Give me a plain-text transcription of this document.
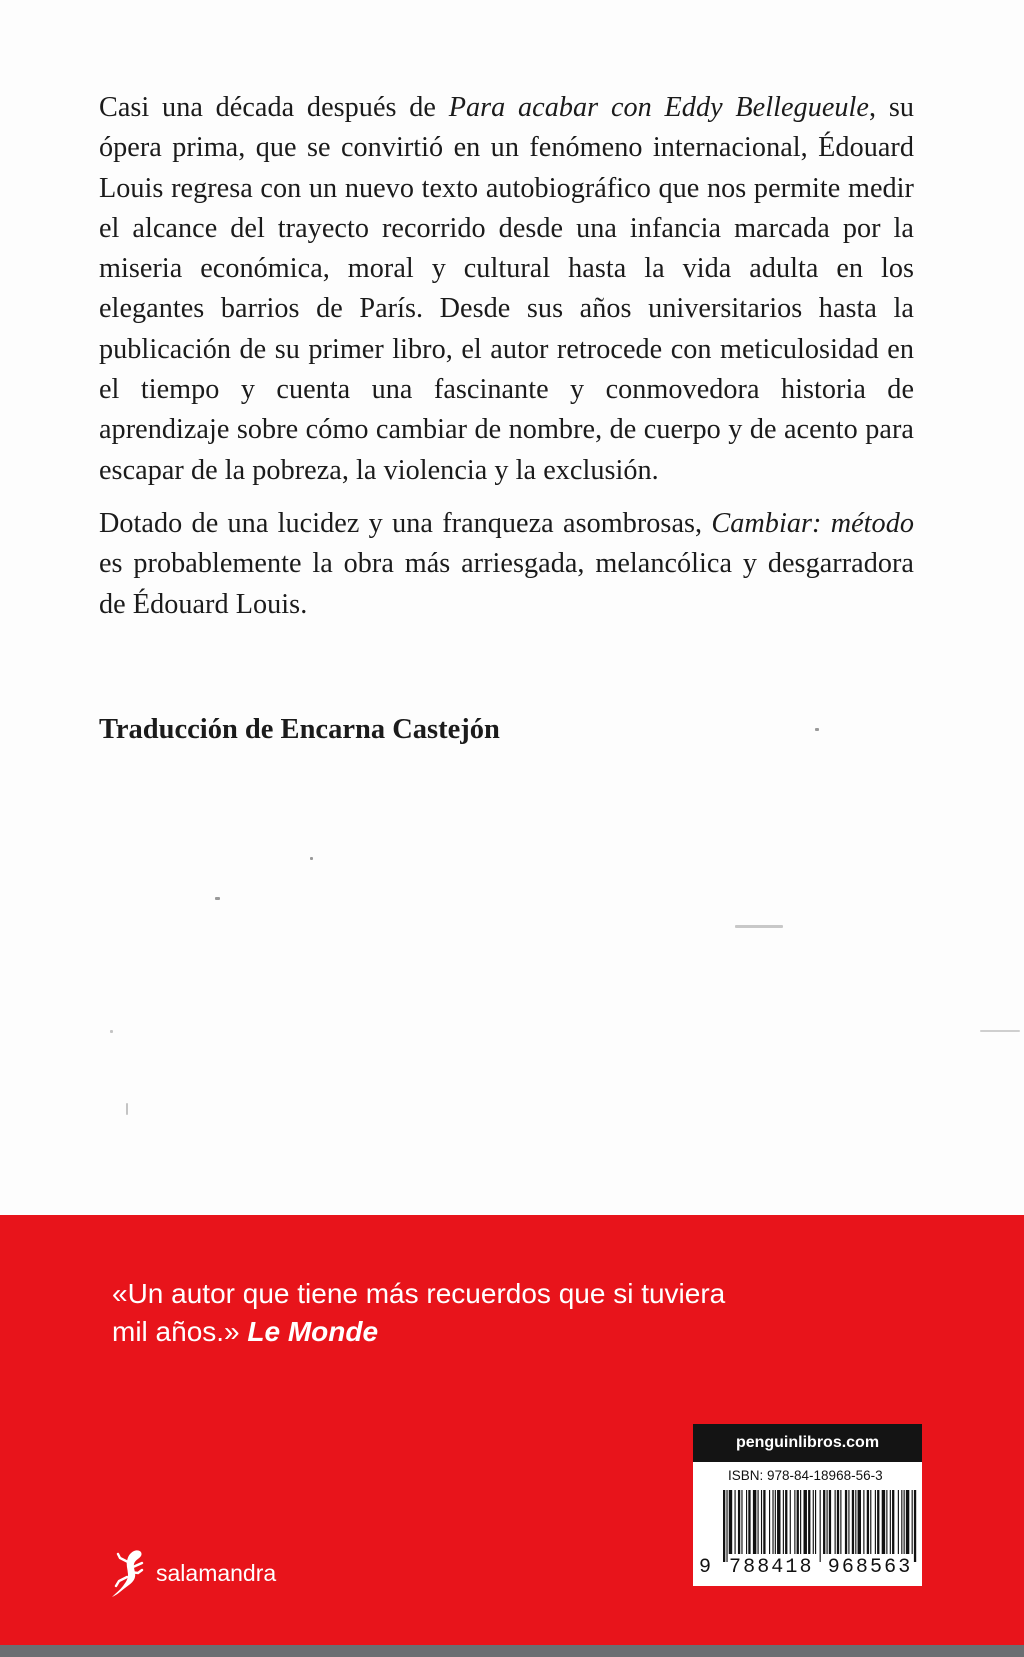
Casi una década después de Para acabar con Eddy Bellegueule, su ópera prima, que se convirtió en un fenómeno internacional, Édouard Louis regresa con un nuevo texto autobiográfico que nos permite medir el alcance del trayecto recorrido desde una infancia marcada por la miseria económica, moral y cultural hasta la vida adulta en los elegantes barrios de París. Desde sus años universitarios hasta la publicación de su primer libro, el autor retrocede con meticulosidad en el tiempo y cuenta una fascinante y conmovedora historia de aprendizaje sobre cómo cambiar de nombre, de cuerpo y de acento para escapar de la pobreza, la violencia y la exclusión.

Dotado de una lucidez y una franqueza asombrosas, Cambiar: método es probablemente la obra más arriesgada, melancólica y desgarradora de Édouard Louis.

Traducción de Encarna Castejón
«Un autor que tiene más recuerdos que si tuviera mil años.» Le Monde
salamandra
penguinlibros.com
ISBN: 978-84-18968-56-3
9 788418 968563
